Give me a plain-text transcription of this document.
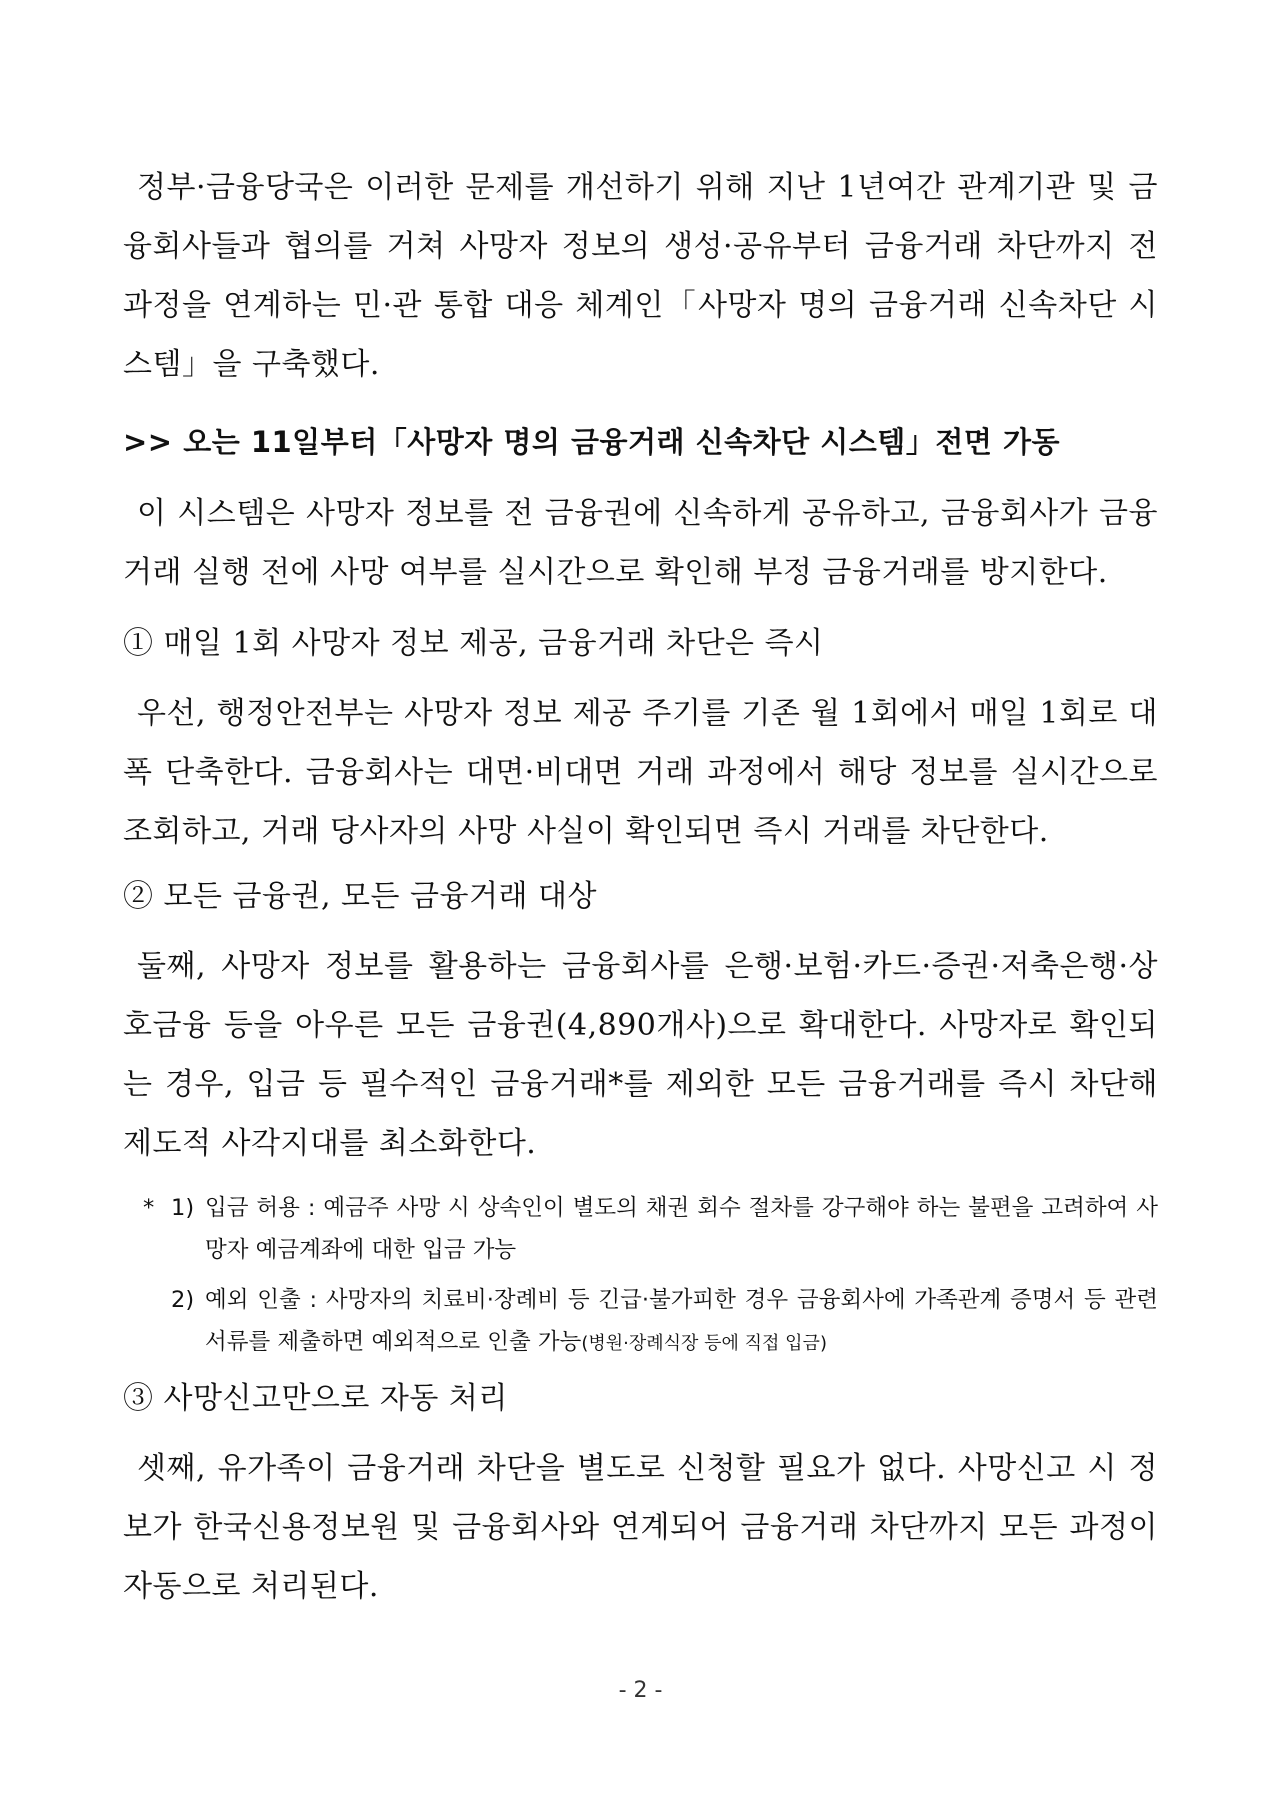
정부·금융당국은 이러한 문제를 개선하기 위해 지난 1년여간 관계기관 및 금융회사들과 협의를 거쳐 사망자 정보의 생성·공유부터 금융거래 차단까지 전 과정을 연계하는 민·관 통합 대응 체계인「사망자 명의 금융거래 신속차단 시스템」을 구축했다.

>> 오는 11일부터「사망자 명의 금융거래 신속차단 시스템」전면 가동

이 시스템은 사망자 정보를 전 금융권에 신속하게 공유하고, 금융회사가 금융거래 실행 전에 사망 여부를 실시간으로 확인해 부정 금융거래를 방지한다.

① 매일 1회 사망자 정보 제공, 금융거래 차단은 즉시

우선, 행정안전부는 사망자 정보 제공 주기를 기존 월 1회에서 매일 1회로 대폭 단축한다. 금융회사는 대면·비대면 거래 과정에서 해당 정보를 실시간으로 조회하고, 거래 당사자의 사망 사실이 확인되면 즉시 거래를 차단한다.

② 모든 금융권, 모든 금융거래 대상

둘째, 사망자 정보를 활용하는 금융회사를 은행·보험·카드·증권·저축은행·상호금융 등을 아우른 모든 금융권(4,890개사)으로 확대한다. 사망자로 확인되는 경우, 입금 등 필수적인 금융거래*를 제외한 모든 금융거래를 즉시 차단해 제도적 사각지대를 최소화한다.

* 1) 입금 허용 : 예금주 사망 시 상속인이 별도의 채권 회수 절차를 강구해야 하는 불편을 고려하여 사망자 예금계좌에 대한 입금 가능

2) 예외 인출 : 사망자의 치료비·장례비 등 긴급·불가피한 경우 금융회사에 가족관계 증명서 등 관련 서류를 제출하면 예외적으로 인출 가능(병원·장례식장 등에 직접 입금)

③ 사망신고만으로 자동 처리

셋째, 유가족이 금융거래 차단을 별도로 신청할 필요가 없다. 사망신고 시 정보가 한국신용정보원 및 금융회사와 연계되어 금융거래 차단까지 모든 과정이 자동으로 처리된다.

- 2 -
